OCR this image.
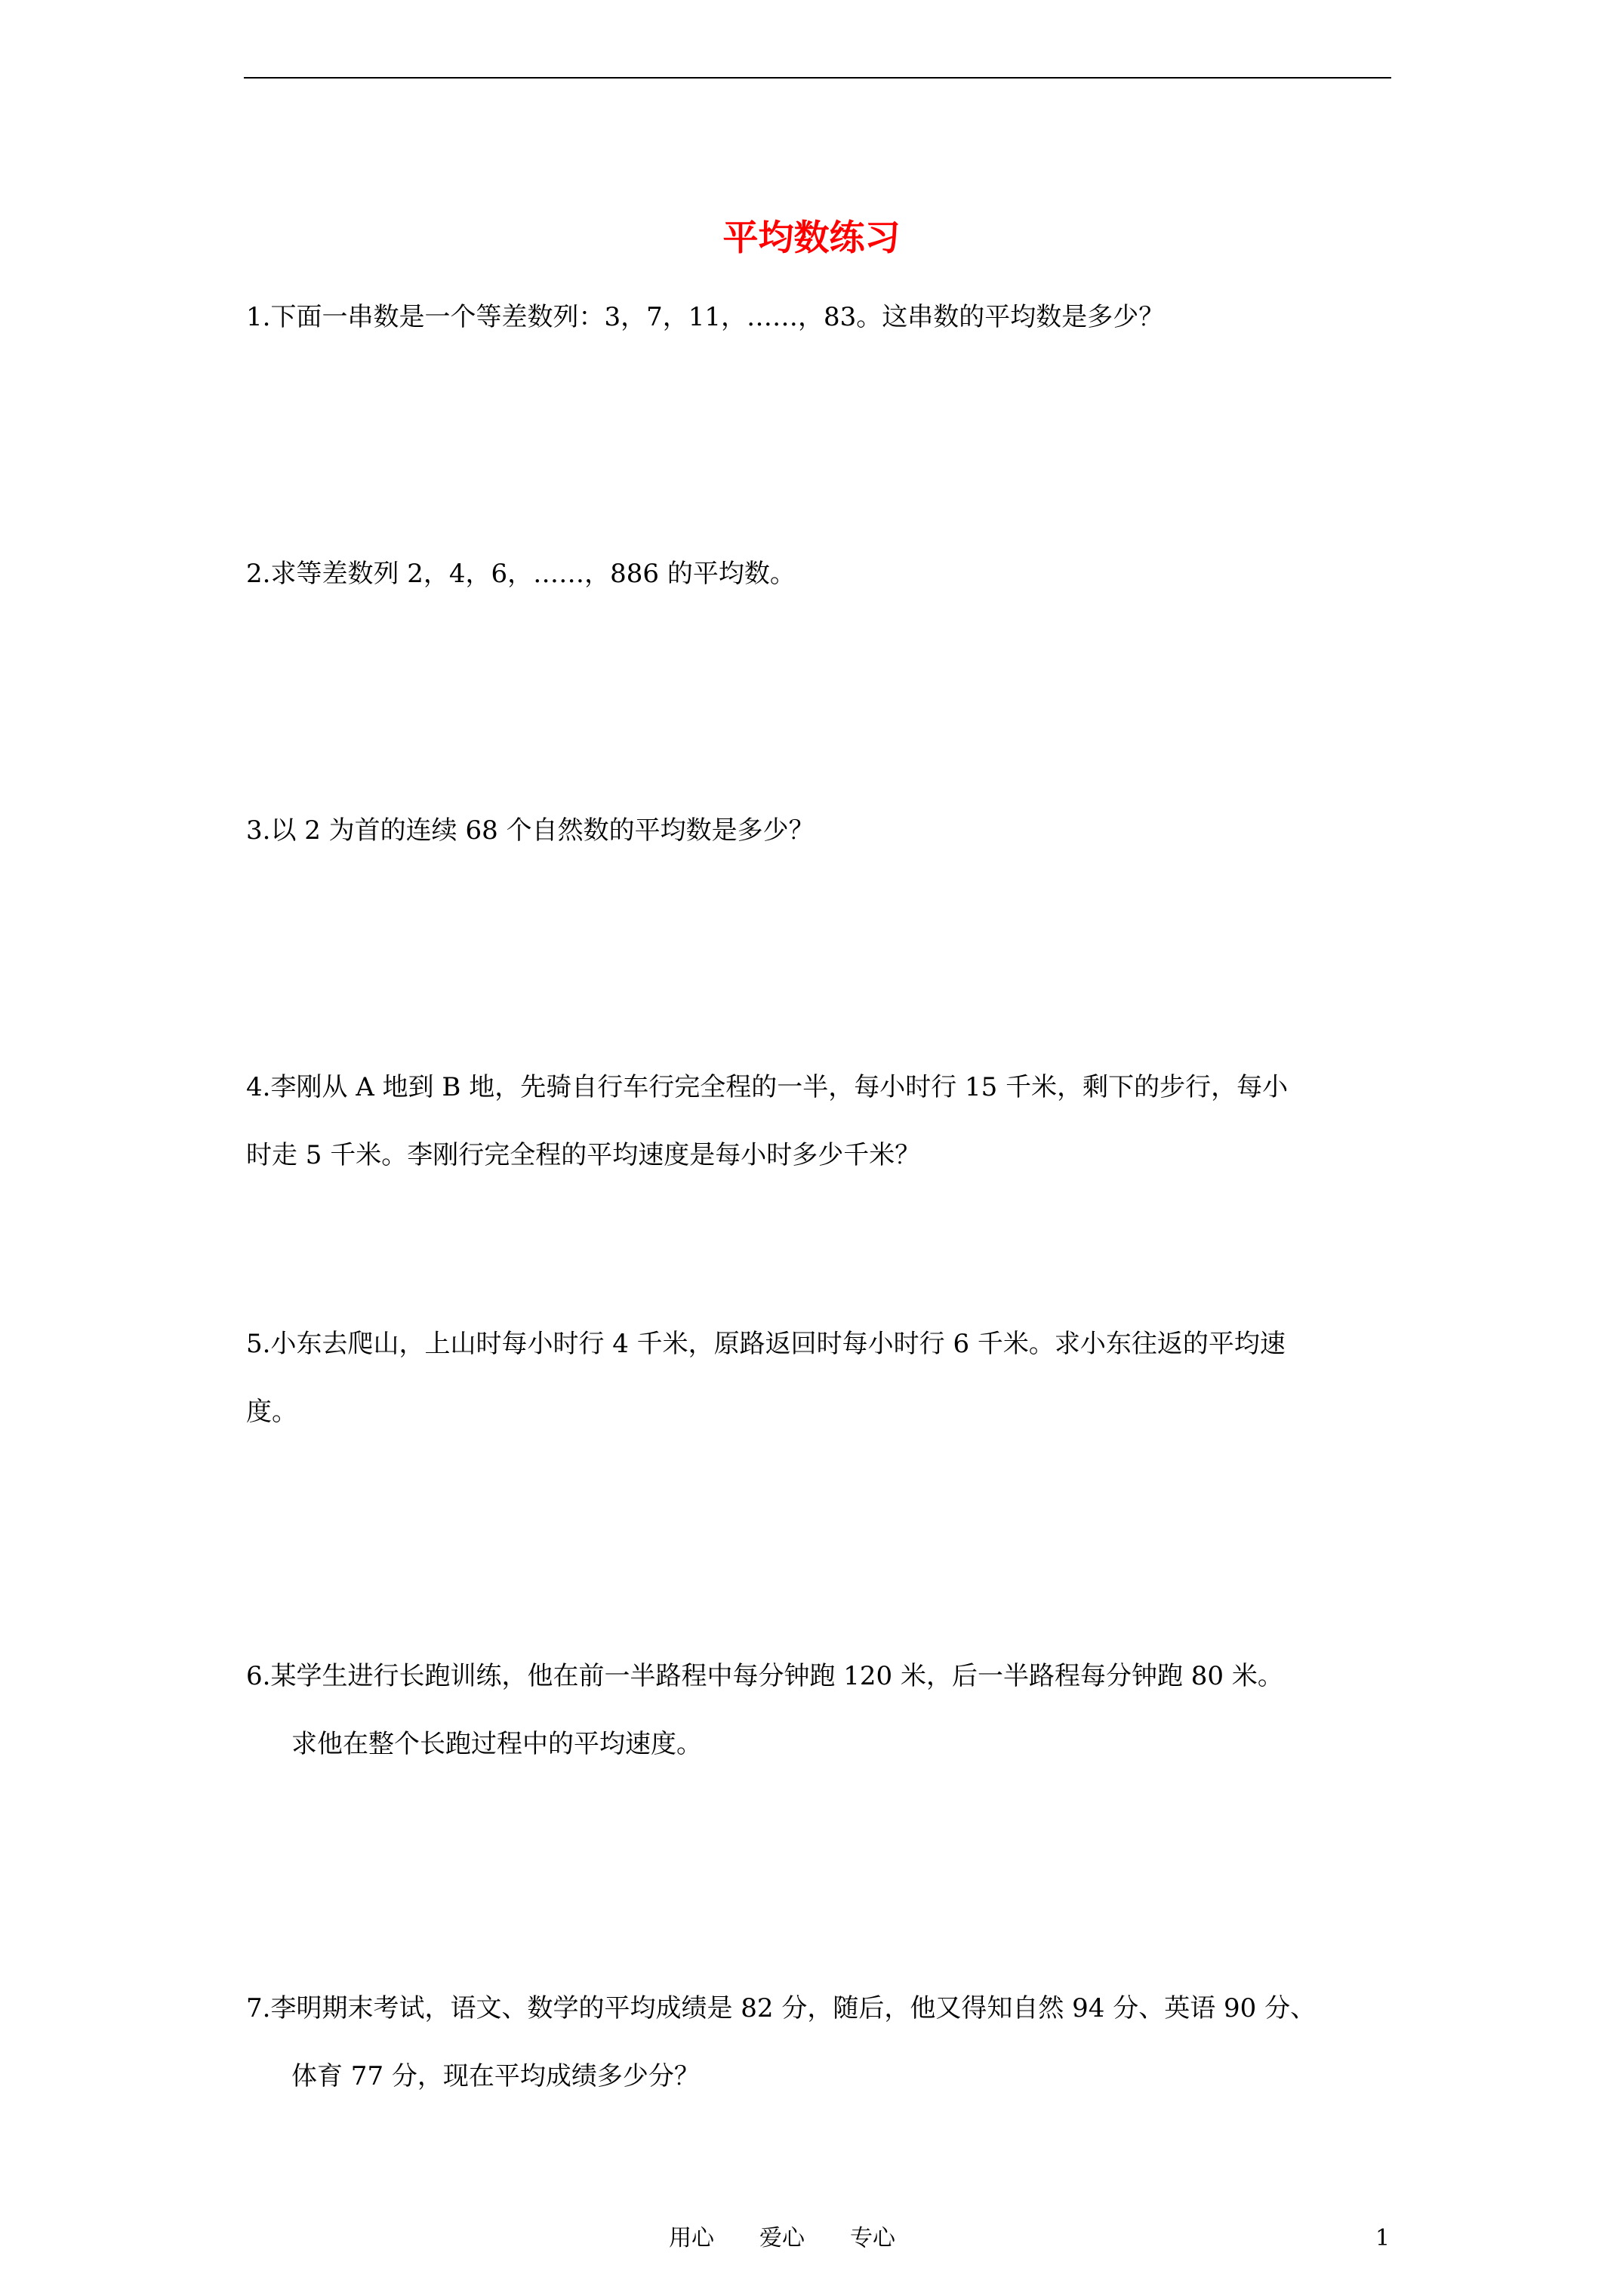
平均数练习
1.下面一串数是一个等差数列：3，7，11，……，83。这串数的平均数是多少？
2.求等差数列 2，4，6，……，886 的平均数。
3.以 2 为首的连续 68 个自然数的平均数是多少？
4.李刚从 A 地到 B 地，先骑自行车行完全程的一半，每小时行 15 千米，剩下的步行，每小
时走 5 千米。李刚行完全程的平均速度是每小时多少千米？
5.小东去爬山，上山时每小时行 4 千米，原路返回时每小时行 6 千米。求小东往返的平均速
度。
6.某学生进行长跑训练，他在前一半路程中每分钟跑 120 米，后一半路程每分钟跑 80 米。
求他在整个长跑过程中的平均速度。
7.李明期末考试，语文、数学的平均成绩是 82 分，随后，他又得知自然 94 分、英语 90 分、
体育 77 分，现在平均成绩多少分？
用心　　爱心　　专心	1
